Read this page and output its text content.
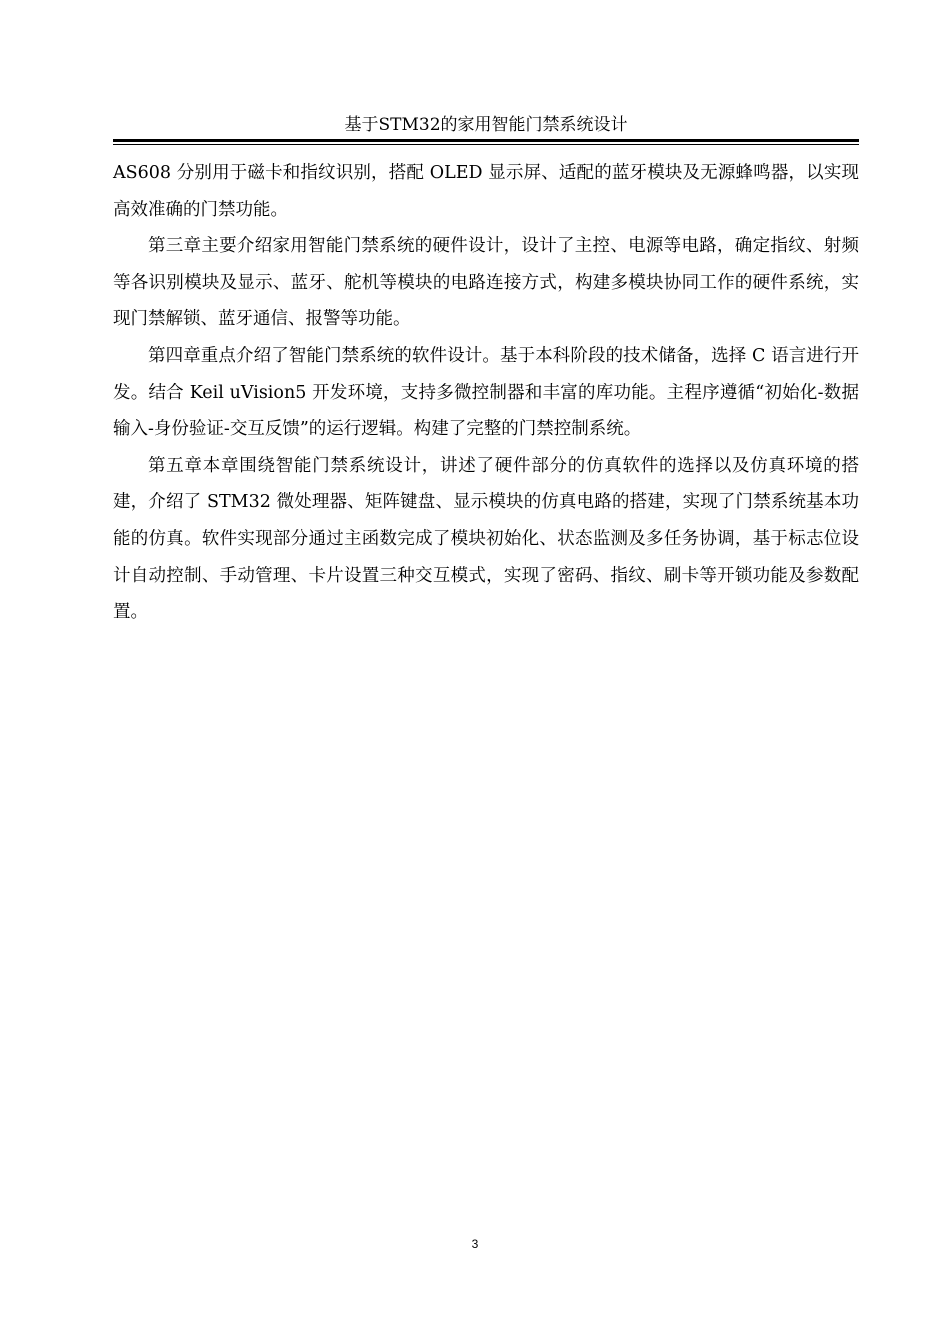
基于STM32的家用智能门禁系统设计

AS608 分别用于磁卡和指纹识别，搭配 OLED 显示屏、适配的蓝牙模块及无源蜂鸣器，以实现高效准确的门禁功能。

第三章主要介绍家用智能门禁系统的硬件设计，设计了主控、电源等电路，确定指纹、射频等各识别模块及显示、蓝牙、舵机等模块的电路连接方式，构建多模块协同工作的硬件系统，实现门禁解锁、蓝牙通信、报警等功能。

第四章重点介绍了智能门禁系统的软件设计。基于本科阶段的技术储备，选择 C 语言进行开发。结合 Keil uVision5 开发环境，支持多微控制器和丰富的库功能。主程序遵循“初始化-数据输入-身份验证-交互反馈”的运行逻辑。构建了完整的门禁控制系统。

第五章本章围绕智能门禁系统设计，讲述了硬件部分的仿真软件的选择以及仿真环境的搭建，介绍了 STM32 微处理器、矩阵键盘、显示模块的仿真电路的搭建，实现了门禁系统基本功能的仿真。软件实现部分通过主函数完成了模块初始化、状态监测及多任务协调，基于标志位设计自动控制、手动管理、卡片设置三种交互模式，实现了密码、指纹、刷卡等开锁功能及参数配置。

3
